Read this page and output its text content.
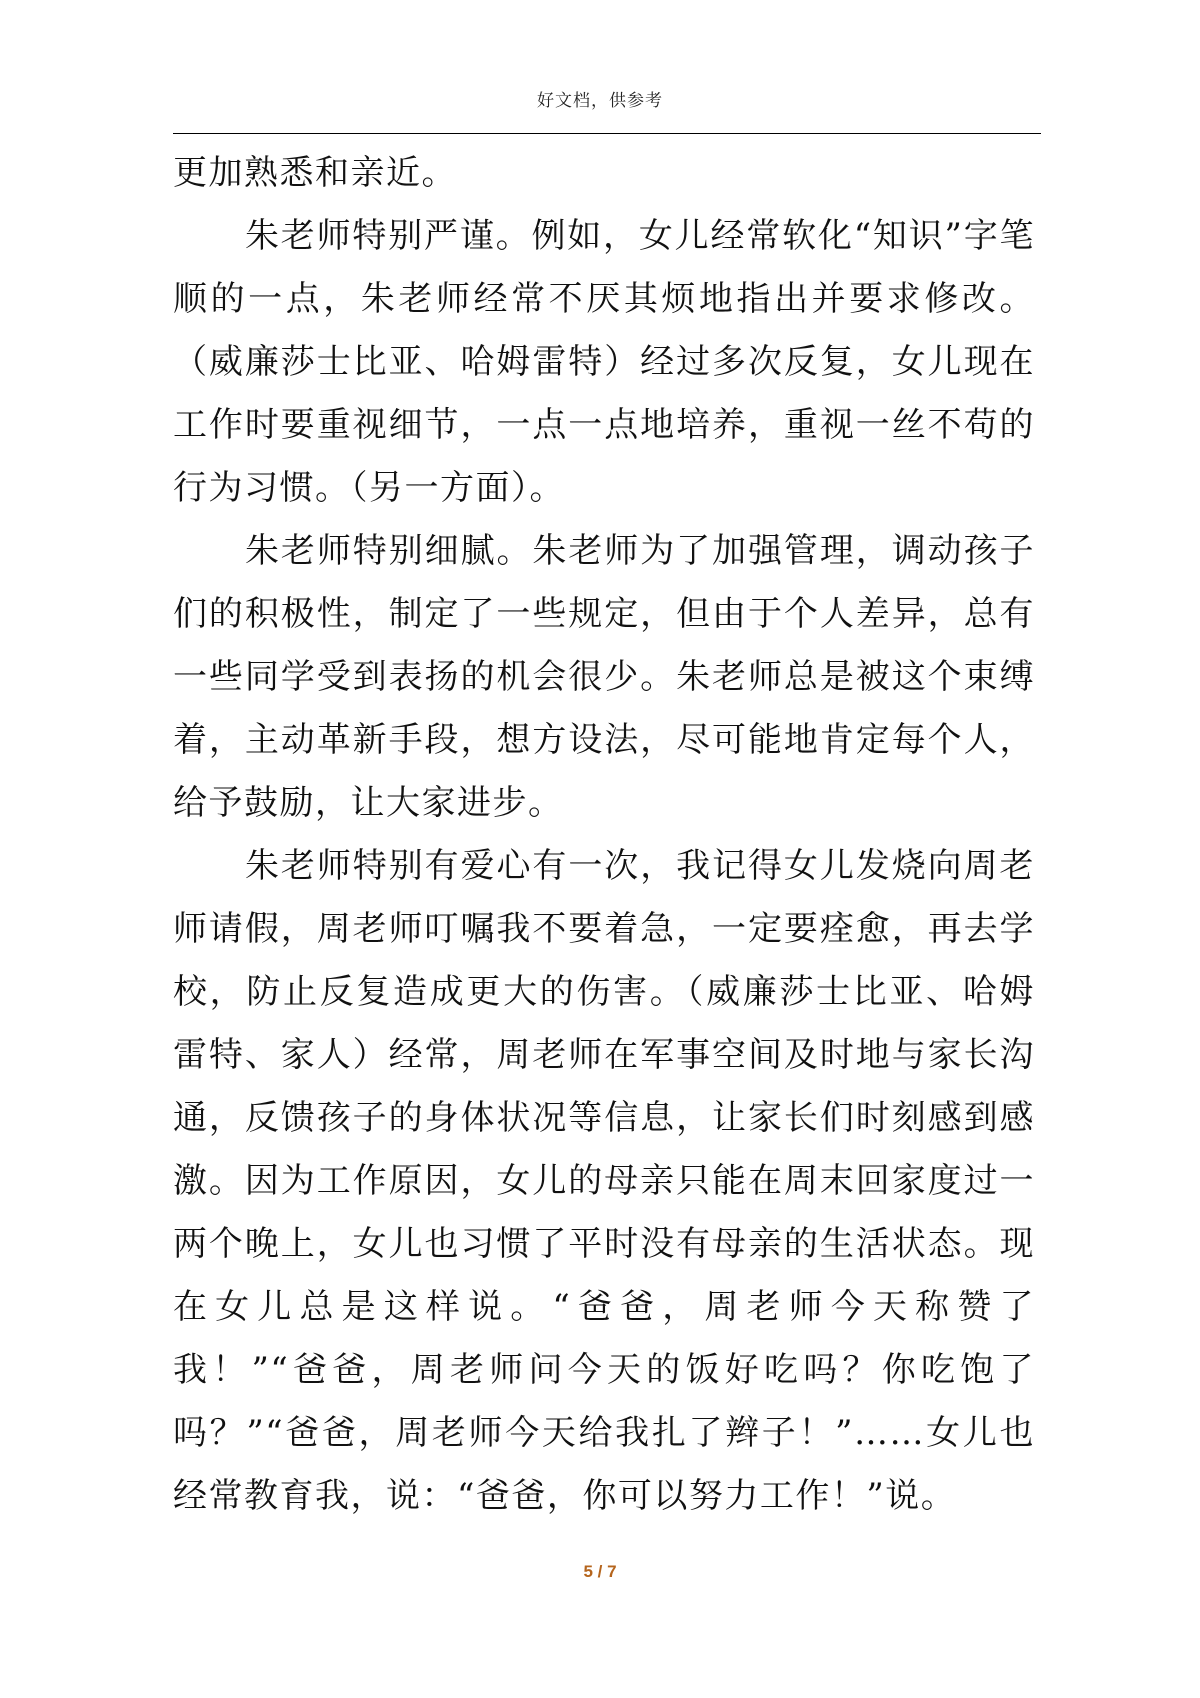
好文档，供参考

更加熟悉和亲近。

朱老师特别严谨。例如，女儿经常软化“知识”字笔顺的一点，朱老师经常不厌其烦地指出并要求修改。（威廉莎士比亚、哈姆雷特）经过多次反复，女儿现在工作时要重视细节，一点一点地培养，重视一丝不苟的行为习惯。（另一方面）。

朱老师特别细腻。朱老师为了加强管理，调动孩子们的积极性，制定了一些规定，但由于个人差异，总有一些同学受到表扬的机会很少。朱老师总是被这个束缚着，主动革新手段，想方设法，尽可能地肯定每个人，给予鼓励，让大家进步。

朱老师特别有爱心有一次，我记得女儿发烧向周老师请假，周老师叮嘱我不要着急，一定要痊愈，再去学校，防止反复造成更大的伤害。（威廉莎士比亚、哈姆雷特、家人）经常，周老师在军事空间及时地与家长沟通，反馈孩子的身体状况等信息，让家长们时刻感到感激。因为工作原因，女儿的母亲只能在周末回家度过一两个晚上，女儿也习惯了平时没有母亲的生活状态。现在女儿总是这样说。“爸爸，周老师今天称赞了我！”“爸爸，周老师问今天的饭好吃吗？你吃饱了吗？”“爸爸，周老师今天给我扎了辫子！”……女儿也经常教育我，说：“爸爸，你可以努力工作！”说。

5 / 7
